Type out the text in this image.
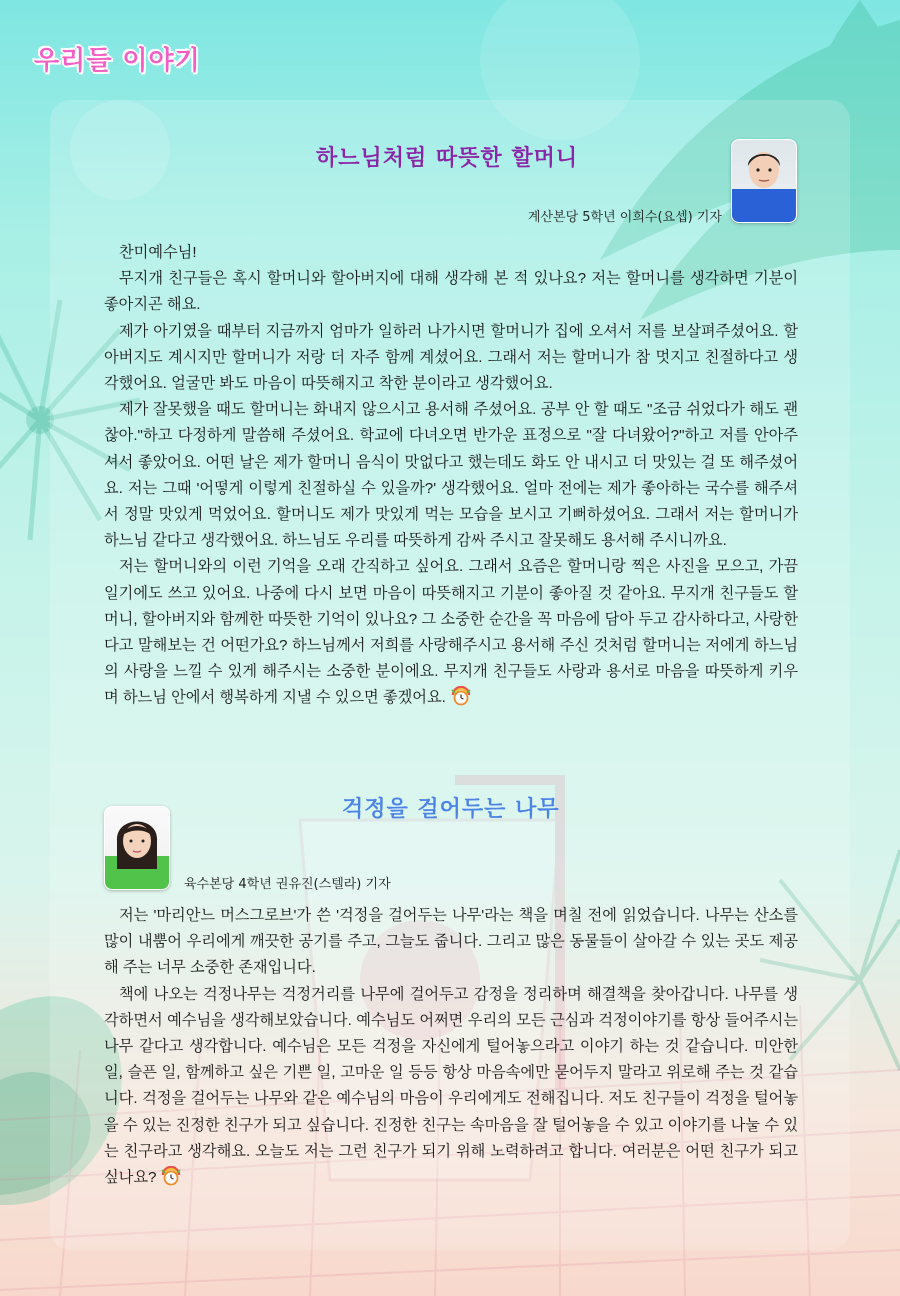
우리들 이야기
하느님처럼 따뜻한 할머니
계산본당 5학년 이희수(요셉) 기자

찬미예수님!

무지개 친구들은 혹시 할머니와 할아버지에 대해 생각해 본 적 있나요? 저는 할머니를 생각하면 기분이 좋아지곤 해요.

제가 아기였을 때부터 지금까지 엄마가 일하러 나가시면 할머니가 집에 오셔서 저를 보살펴주셨어요. 할아버지도 계시지만 할머니가 저랑 더 자주 함께 계셨어요. 그래서 저는 할머니가 참 멋지고 친절하다고 생각했어요. 얼굴만 봐도 마음이 따뜻해지고 착한 분이라고 생각했어요.

제가 잘못했을 때도 할머니는 화내지 않으시고 용서해 주셨어요. 공부 안 할 때도 "조금 쉬었다가 해도 괜찮아."하고 다정하게 말씀해 주셨어요. 학교에 다녀오면 반가운 표정으로 "잘 다녀왔어?"하고 저를 안아주셔서 좋았어요. 어떤 날은 제가 할머니 음식이 맛없다고 했는데도 화도 안 내시고 더 맛있는 걸 또 해주셨어요. 저는 그때 '어떻게 이렇게 친절하실 수 있을까?' 생각했어요. 얼마 전에는 제가 좋아하는 국수를 해주셔서 정말 맛있게 먹었어요. 할머니도 제가 맛있게 먹는 모습을 보시고 기뻐하셨어요. 그래서 저는 할머니가 하느님 같다고 생각했어요. 하느님도 우리를 따뜻하게 감싸 주시고 잘못해도 용서해 주시니까요.

저는 할머니와의 이런 기억을 오래 간직하고 싶어요. 그래서 요즘은 할머니랑 찍은 사진을 모으고, 가끔 일기에도 쓰고 있어요. 나중에 다시 보면 마음이 따뜻해지고 기분이 좋아질 것 같아요. 무지개 친구들도 할머니, 할아버지와 함께한 따뜻한 기억이 있나요? 그 소중한 순간을 꼭 마음에 담아 두고 감사하다고, 사랑한다고 말해보는 건 어떤가요? 하느님께서 저희를 사랑해주시고 용서해 주신 것처럼 할머니는 저에게 하느님의 사랑을 느낄 수 있게 해주시는 소중한 분이에요. 무지개 친구들도 사랑과 용서로 마음을 따뜻하게 키우며 하느님 안에서 행복하게 지낼 수 있으면 좋겠어요.

걱정을 걸어두는 나무
육수본당 4학년 권유진(스텔라) 기자

저는 '마리안느 머스그로브'가 쓴 '걱정을 걸어두는 나무'라는 책을 며칠 전에 읽었습니다. 나무는 산소를 많이 내뿜어 우리에게 깨끗한 공기를 주고, 그늘도 줍니다. 그리고 많은 동물들이 살아갈 수 있는 곳도 제공해 주는 너무 소중한 존재입니다.

책에 나오는 걱정나무는 걱정거리를 나무에 걸어두고 감정을 정리하며 해결책을 찾아갑니다. 나무를 생각하면서 예수님을 생각해보았습니다. 예수님도 어쩌면 우리의 모든 근심과 걱정이야기를 항상 들어주시는 나무 같다고 생각합니다. 예수님은 모든 걱정을 자신에게 털어놓으라고 이야기 하는 것 같습니다. 미안한 일, 슬픈 일, 함께하고 싶은 기쁜 일, 고마운 일 등등 항상 마음속에만 묻어두지 말라고 위로해 주는 것 같습니다. 걱정을 걸어두는 나무와 같은 예수님의 마음이 우리에게도 전해집니다. 저도 친구들이 걱정을 털어놓을 수 있는 진정한 친구가 되고 싶습니다. 진정한 친구는 속마음을 잘 털어놓을 수 있고 이야기를 나눌 수 있는 친구라고 생각해요. 오늘도 저는 그런 친구가 되기 위해 노력하려고 합니다. 여러분은 어떤 친구가 되고 싶나요?
